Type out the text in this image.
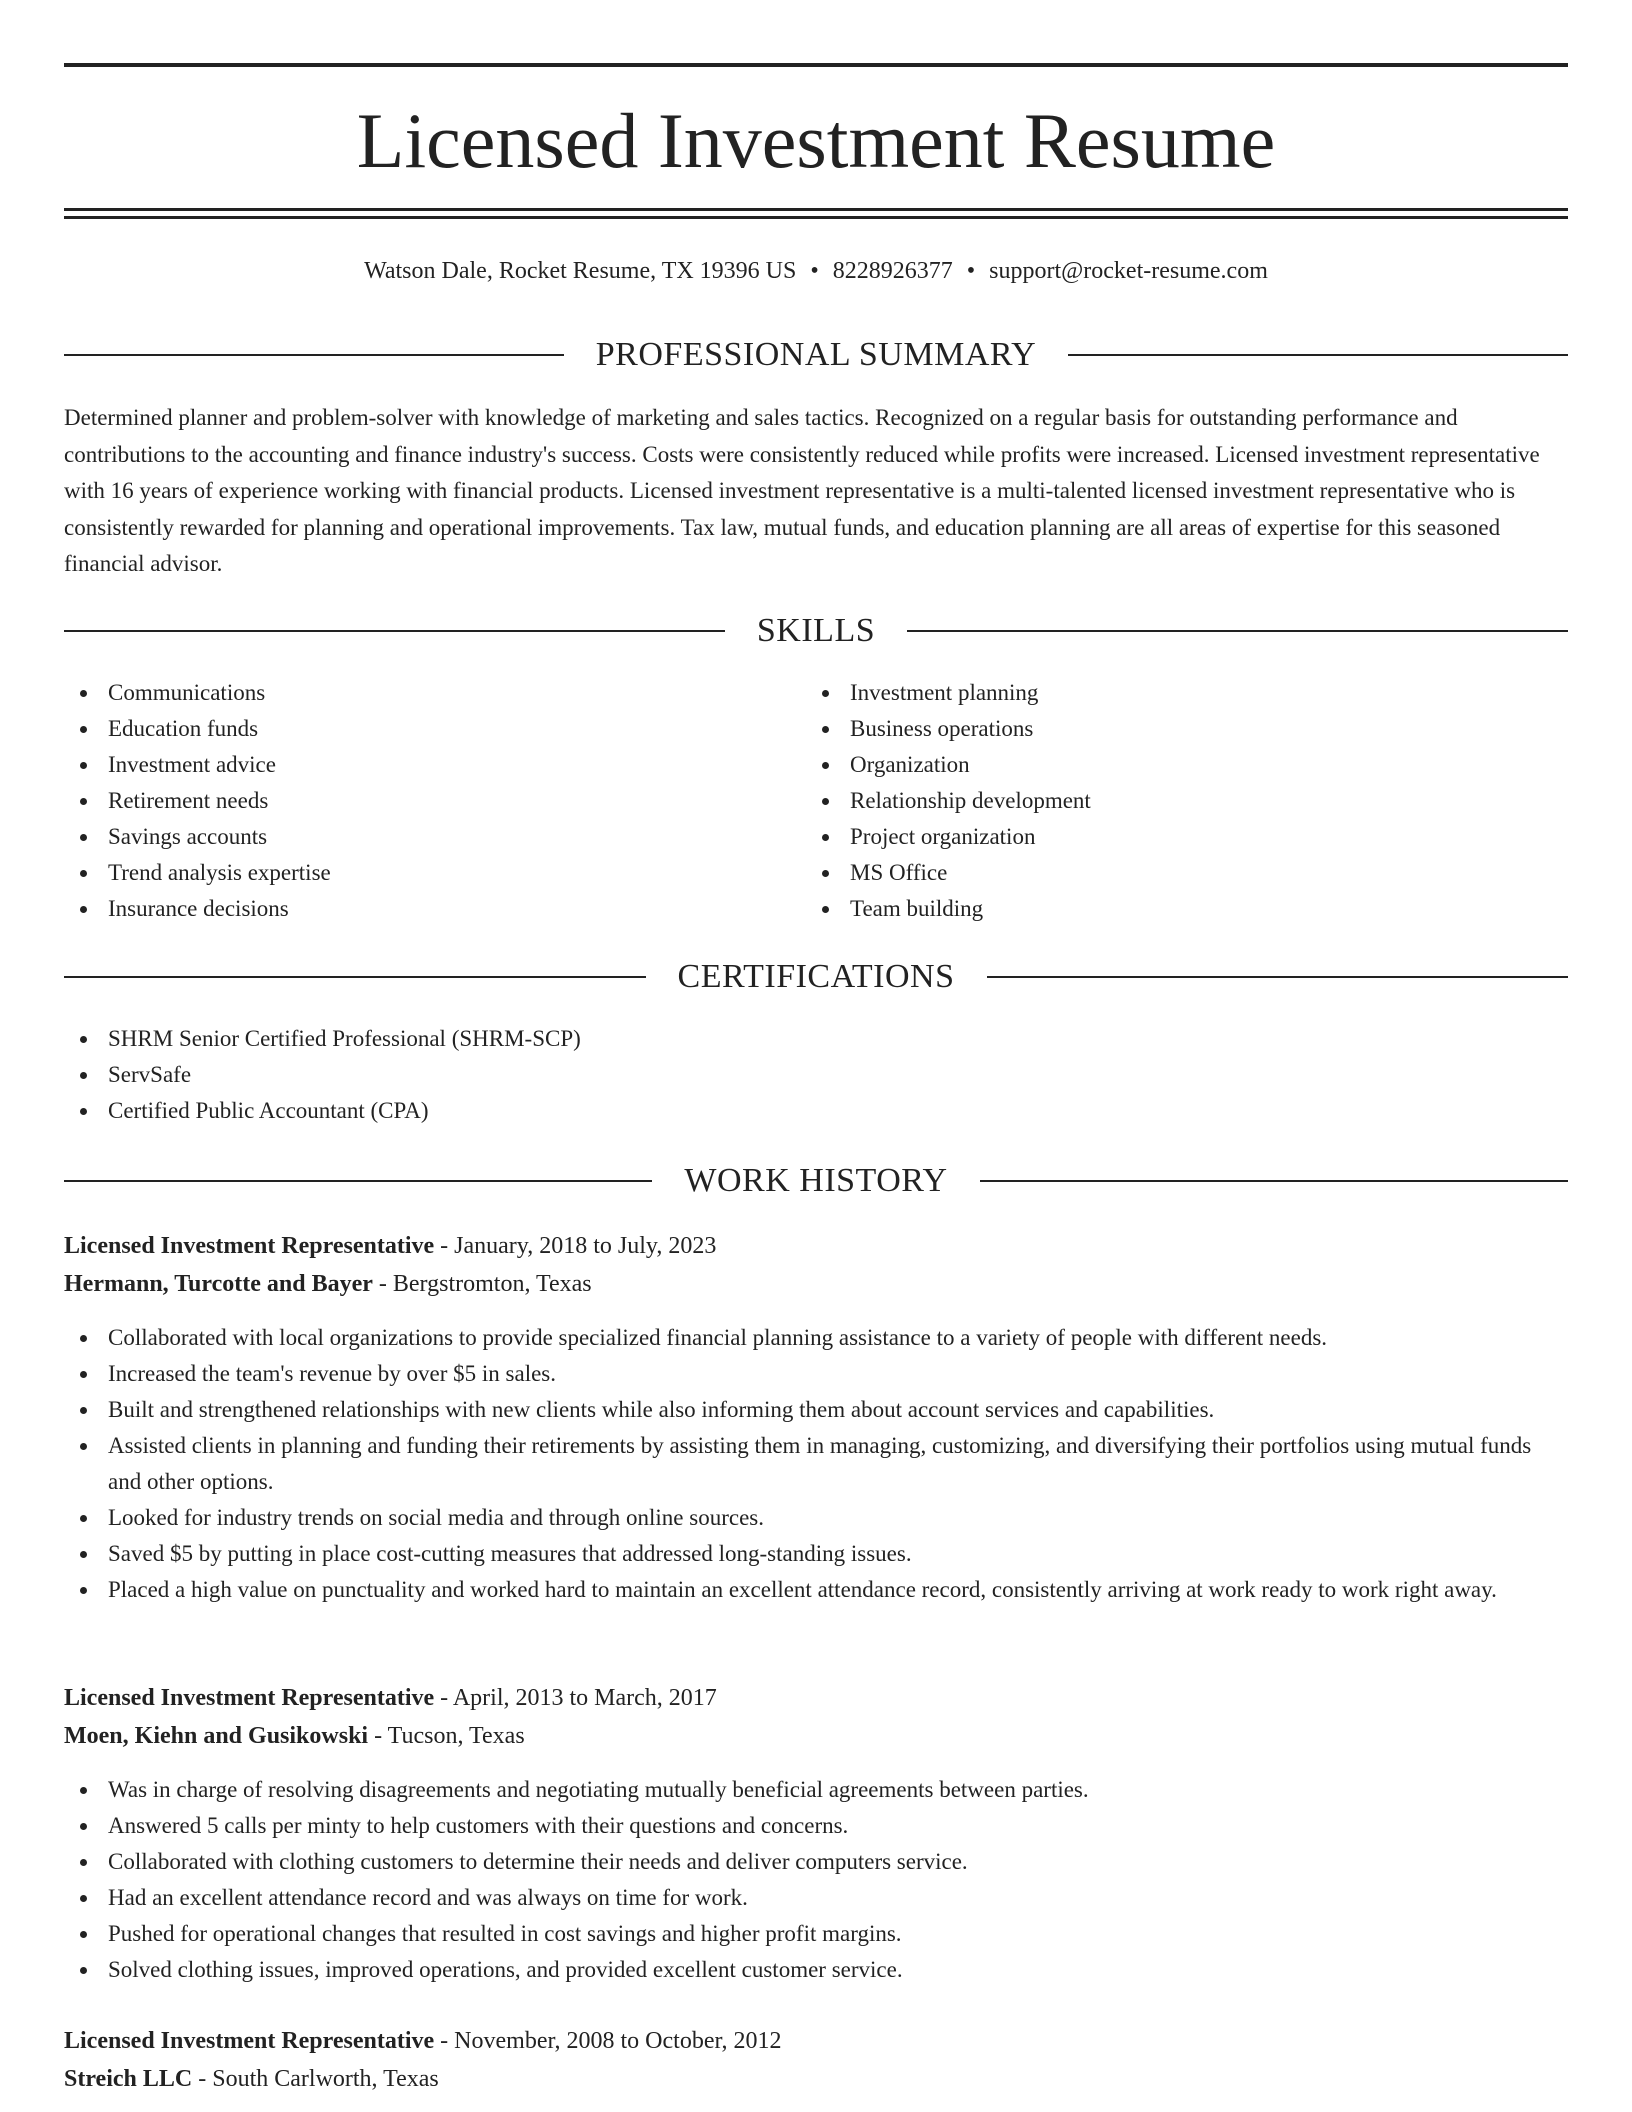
Licensed Investment Resume
Watson Dale, Rocket Resume, TX 19396 US • 8228926377 • support@rocket-resume.com
PROFESSIONAL SUMMARY

Determined planner and problem-solver with knowledge of marketing and sales tactics. Recognized on a regular basis for outstanding performance and contributions to the accounting and finance industry's success. Costs were consistently reduced while profits were increased. Licensed investment representative with 16 years of experience working with financial products. Licensed investment representative is a multi-talented licensed investment representative who is consistently rewarded for planning and operational improvements. Tax law, mutual funds, and education planning are all areas of expertise for this seasoned financial advisor.

SKILLS
Communications
Education funds
Investment advice
Retirement needs
Savings accounts
Trend analysis expertise
Insurance decisions
Investment planning
Business operations
Organization
Relationship development
Project organization
MS Office
Team building
CERTIFICATIONS
SHRM Senior Certified Professional (SHRM-SCP)
ServSafe
Certified Public Accountant (CPA)
WORK HISTORY
Licensed Investment Representative - January, 2018 to July, 2023
Hermann, Turcotte and Bayer - Bergstromton, Texas
Collaborated with local organizations to provide specialized financial planning assistance to a variety of people with different needs.
Increased the team's revenue by over $5 in sales.
Built and strengthened relationships with new clients while also informing them about account services and capabilities.
Assisted clients in planning and funding their retirements by assisting them in managing, customizing, and diversifying their portfolios using mutual funds and other options.
Looked for industry trends on social media and through online sources.
Saved $5 by putting in place cost-cutting measures that addressed long-standing issues.
Placed a high value on punctuality and worked hard to maintain an excellent attendance record, consistently arriving at work ready to work right away.
Licensed Investment Representative - April, 2013 to March, 2017
Moen, Kiehn and Gusikowski - Tucson, Texas
Was in charge of resolving disagreements and negotiating mutually beneficial agreements between parties.
Answered 5 calls per minty to help customers with their questions and concerns.
Collaborated with clothing customers to determine their needs and deliver computers service.
Had an excellent attendance record and was always on time for work.
Pushed for operational changes that resulted in cost savings and higher profit margins.
Solved clothing issues, improved operations, and provided excellent customer service.
Licensed Investment Representative - November, 2008 to October, 2012
Streich LLC - South Carlworth, Texas
